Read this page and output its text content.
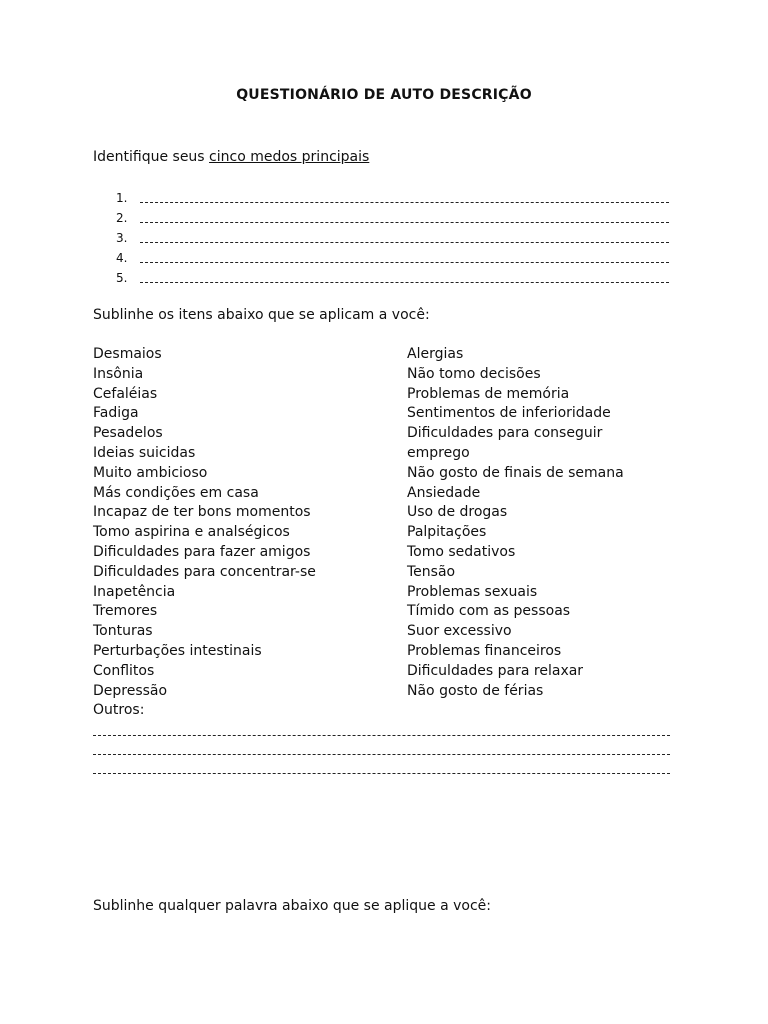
QUESTIONÁRIO DE AUTO DESCRIÇÃO
Identifique seus cinco medos principais
1.
2.
3.
4.
5.
Sublinhe os itens abaixo que se aplicam a você:
Desmaios
Insônia
Cefaléias
Fadiga
Pesadelos
Ideias suicidas
Muito ambicioso
Más condições em casa
Incapaz de ter bons momentos
Tomo aspirina e analségicos
Dificuldades para fazer amigos
Dificuldades para concentrar-se
Inapetência
Tremores
Tonturas
Perturbações intestinais
Conflitos
Depressão
Outros:
Alergias
Não tomo decisões
Problemas de memória
Sentimentos de inferioridade
Dificuldades para conseguir
emprego
Não gosto de finais de semana
Ansiedade
Uso de drogas
Palpitações
Tomo sedativos
Tensão
Problemas sexuais
Tímido com as pessoas
Suor excessivo
Problemas financeiros
Dificuldades para relaxar
Não gosto de férias
Sublinhe qualquer palavra abaixo que se aplique a você:
